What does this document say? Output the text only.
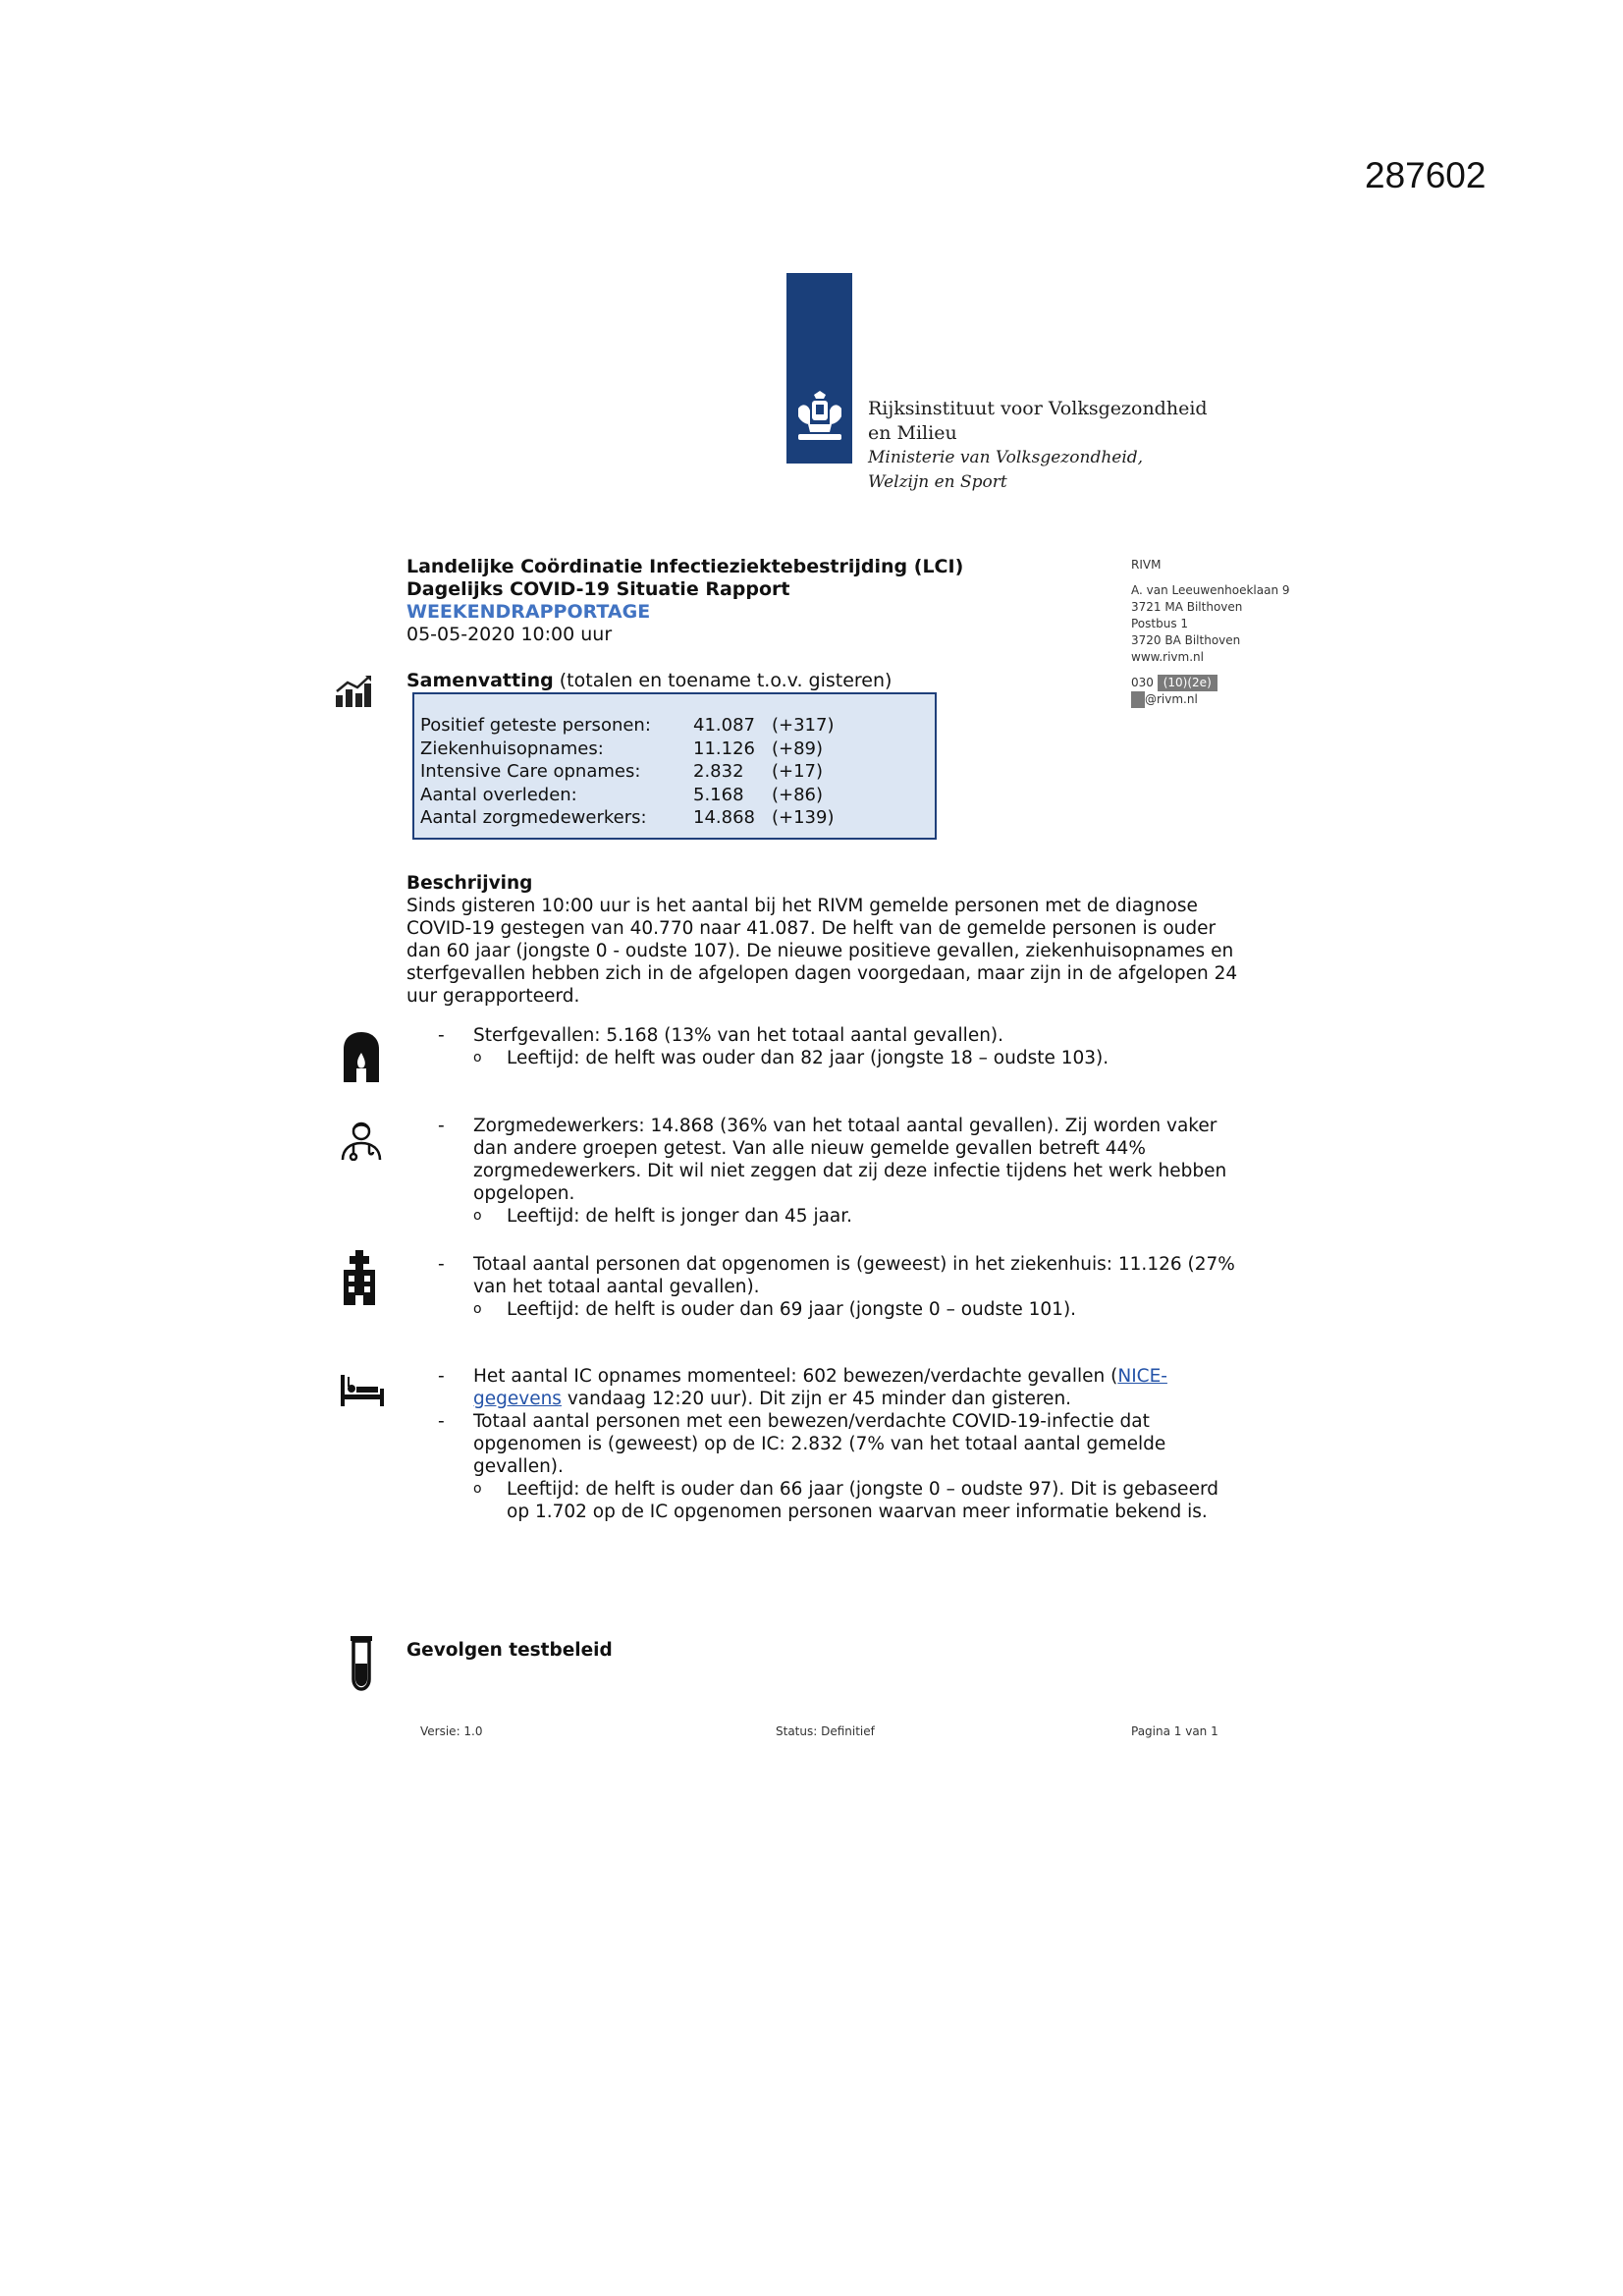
287602
Rijksinstituut voor Volksgezondheid
en Milieu
Ministerie van Volksgezondheid,
Welzijn en Sport
Landelijke Coördinatie Infectieziektebestrijding (LCI)
Dagelijks COVID-19 Situatie Rapport
WEEKENDRAPPORTAGE
05-05-2020 10:00 uur
RIVM
A. van Leeuwenhoeklaan 9
3721 MA Bilthoven
Postbus 1
3720 BA Bilthoven
www.rivm.nl
030 (10)(2e)
@rivm.nl
Samenvatting (totalen en toename t.o.v. gisteren)
Positief geteste personen:	41.087 (+317)
Ziekenhuisopnames:	11.126 (+89)
Intensive Care opnames:	2.832	(+17)
Aantal overleden:	5.168	(+86)
Aantal zorgmedewerkers:	14.868 (+139)
Beschrijving
Sinds gisteren 10:00 uur is het aantal bij het RIVM gemelde personen met de diagnose COVID-19 gestegen van 40.770 naar 41.087. De helft van de gemelde personen is ouder dan 60 jaar (jongste 0 - oudste 107). De nieuwe positieve gevallen, ziekenhuisopnames en sterfgevallen hebben zich in de afgelopen dagen voorgedaan, maar zijn in de afgelopen 24 uur gerapporteerd.
- Sterfgevallen: 5.168 (13% van het totaal aantal gevallen).
o Leeftijd: de helft was ouder dan 82 jaar (jongste 18 – oudste 103).
- Zorgmedewerkers: 14.868 (36% van het totaal aantal gevallen). Zij worden vaker dan andere groepen getest. Van alle nieuw gemelde gevallen betreft 44% zorgmedewerkers. Dit wil niet zeggen dat zij deze infectie tijdens het werk hebben opgelopen.
o Leeftijd: de helft is jonger dan 45 jaar.
- Totaal aantal personen dat opgenomen is (geweest) in het ziekenhuis: 11.126 (27% van het totaal aantal gevallen).
o Leeftijd: de helft is ouder dan 69 jaar (jongste 0 – oudste 101).
- Het aantal IC opnames momenteel: 602 bewezen/verdachte gevallen (NICE-gegevens vandaag 12:20 uur). Dit zijn er 45 minder dan gisteren.
- Totaal aantal personen met een bewezen/verdachte COVID-19-infectie dat opgenomen is (geweest) op de IC: 2.832 (7% van het totaal aantal gemelde gevallen).
o Leeftijd: de helft is ouder dan 66 jaar (jongste 0 – oudste 97). Dit is gebaseerd op 1.702 op de IC opgenomen personen waarvan meer informatie bekend is.
Gevolgen testbeleid
Versie: 1.0	Status: Definitief	Pagina 1 van 1
